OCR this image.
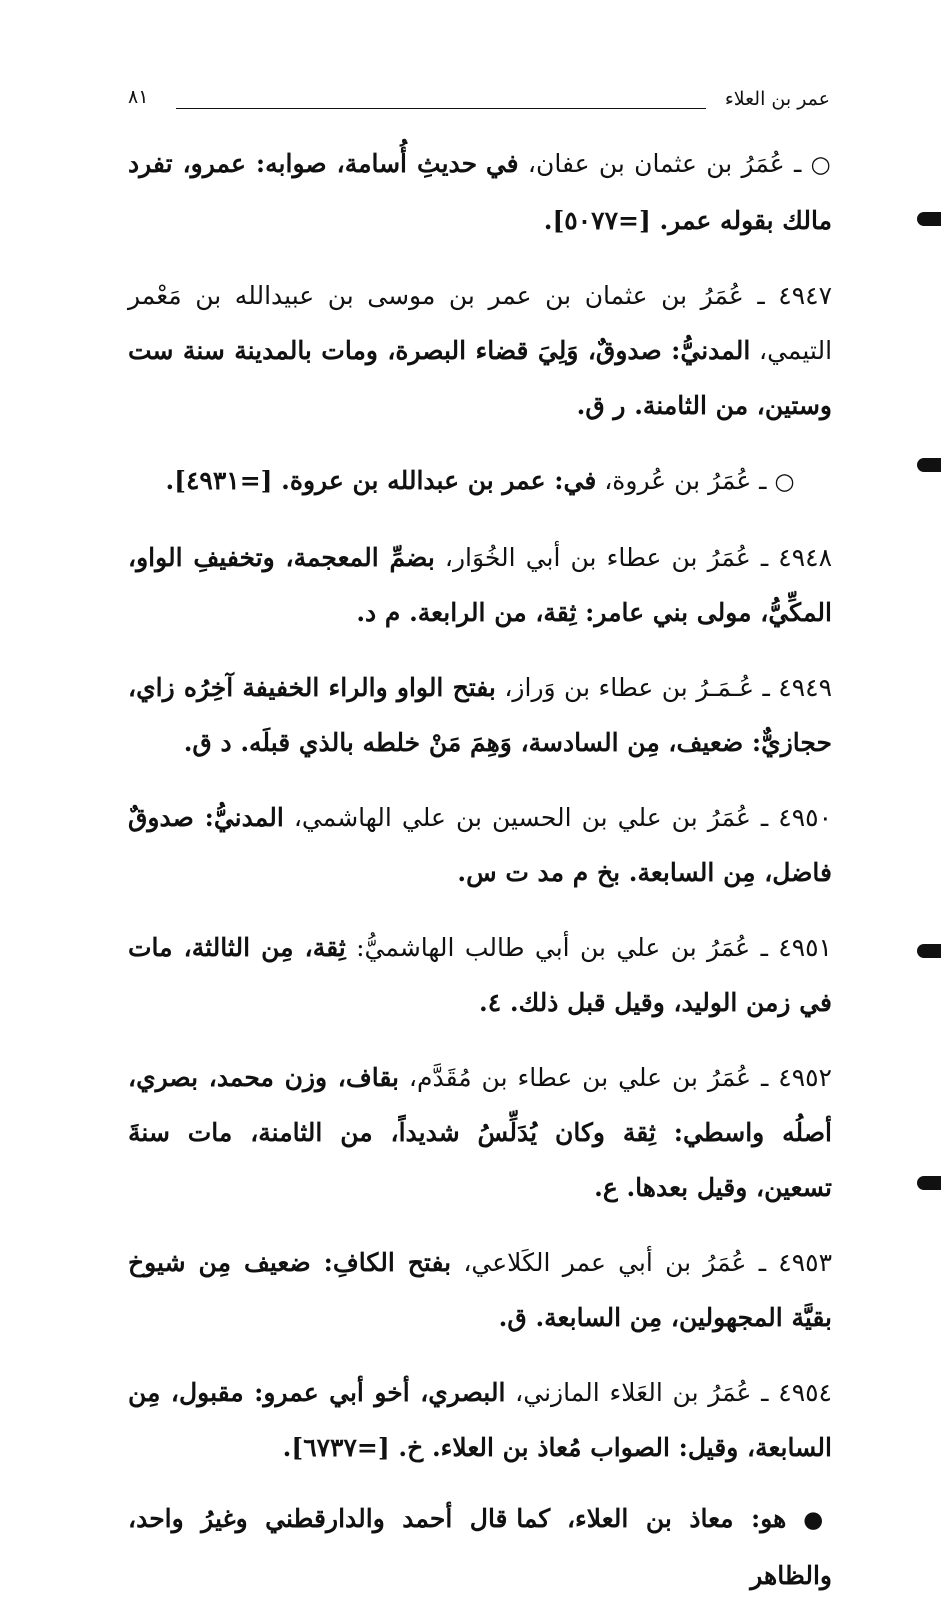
عمر بن العلاء
٨١

○ ـ عُمَرُ بن عثمان بن عفان، في حديثِ أُسامة، صوابه: عمرو، تفرد مالك بقوله عمر. [=٥٠٧٧].

٤٩٤٧ ـ عُمَرُ بن عثمان بن عمر بن موسى بن عبيدالله بن مَعْمر التيمي، المدنيُّ: صدوقٌ، وَلِيَ قضاء البصرة، ومات بالمدينة سنة ست وستين، من الثامنة. ر ق.

○ ـ عُمَرُ بن عُروة، في: عمر بن عبدالله بن عروة. [=٤٩٣١].

٤٩٤٨ ـ عُمَرُ بن عطاء بن أبي الخُوَار، بضمِّ المعجمة، وتخفيفِ الواو، المكِّيُّ، مولى بني عامر: ثِقة، من الرابعة. م د.

٤٩٤٩ ـ عُـمَـرُ بن عطاء بن وَراز، بفتح الواو والراء الخفيفة آخِرُه زاي، حجازيٌّ: ضعيف، مِن السادسة، وَهِمَ مَنْ خلطه بالذي قبلَه. د ق.

٤٩٥٠ ـ عُمَرُ بن علي بن الحسين بن علي الهاشمي، المدنيُّ: صدوقٌ فاضل، مِن السابعة. بخ م مد ت س.

٤٩٥١ ـ عُمَرُ بن علي بن أبي طالب الهاشميُّ: ثِقة، مِن الثالثة، مات في زمن الوليد، وقيل قبل ذلك. ٤.

٤٩٥٢ ـ عُمَرُ بن علي بن عطاء بن مُقَدَّم، بقاف، وزن محمد، بصري، أصلُه واسطي: ثِقة وكان يُدَلِّسُ شديداً، من الثامنة، مات سنةَ تسعين، وقيل بعدها. ع.

٤٩٥٣ ـ عُمَرُ بن أبي عمر الكَلاعي، بفتح الكافِ: ضعيف مِن شيوخ بقيَّة المجهولين، مِن السابعة. ق.

٤٩٥٤ ـ عُمَرُ بن العَلاء المازني، البصري، أخو أبي عمرو: مقبول، مِن السابعة، وقيل: الصواب مُعاذ بن العلاء. خ. [=٦٧٣٧].

● هو: معاذ بن العلاء، كما قال أحمد والدارقطني وغيرُ واحد، والظاهر
